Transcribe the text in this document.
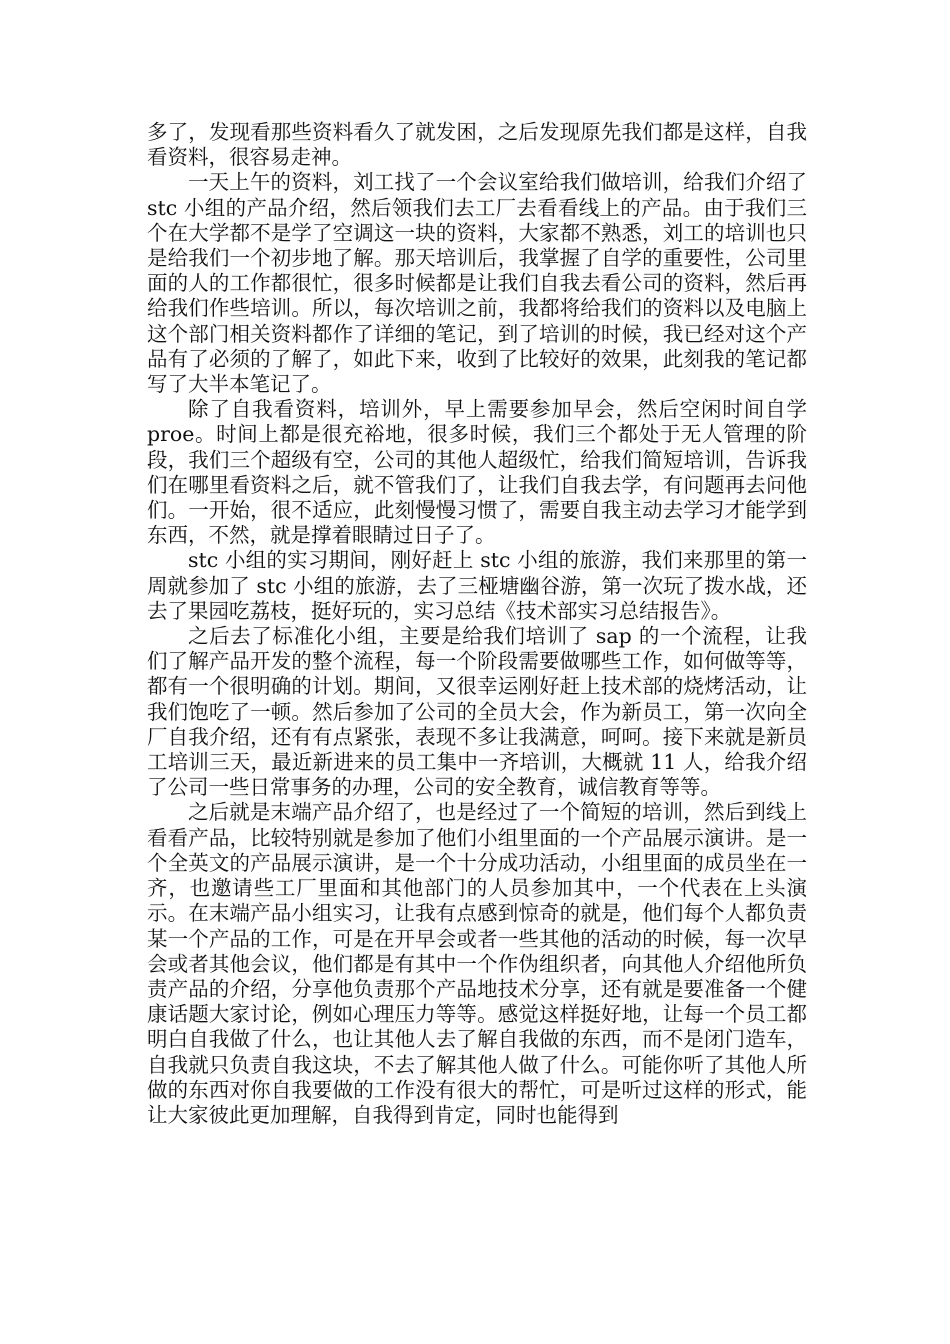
多了，发现看那些资料看久了就发困，之后发现原先我们都是这样，自我看资料，很容易走神。

一天上午的资料，刘工找了一个会议室给我们做培训，给我们介绍了 stc 小组的产品介绍，然后领我们去工厂去看看线上的产品。由于我们三个在大学都不是学了空调这一块的资料，大家都不熟悉，刘工的培训也只是给我们一个初步地了解。那天培训后，我掌握了自学的重要性，公司里面的人的工作都很忙，很多时候都是让我们自我去看公司的资料，然后再给我们作些培训。所以，每次培训之前，我都将给我们的资料以及电脑上这个部门相关资料都作了详细的笔记，到了培训的时候，我已经对这个产品有了必须的了解了，如此下来，收到了比较好的效果，此刻我的笔记都写了大半本笔记了。

除了自我看资料，培训外，早上需要参加早会，然后空闲时间自学 proe。时间上都是很充裕地，很多时候，我们三个都处于无人管理的阶段，我们三个超级有空，公司的其他人超级忙，给我们简短培训，告诉我们在哪里看资料之后，就不管我们了，让我们自我去学，有问题再去问他们。一开始，很不适应，此刻慢慢习惯了，需要自我主动去学习才能学到东西，不然，就是撑着眼睛过日子了。

stc 小组的实习期间，刚好赶上 stc 小组的旅游，我们来那里的第一周就参加了 stc 小组的旅游，去了三桠塘幽谷游，第一次玩了拨水战，还去了果园吃荔枝，挺好玩的，实习总结《技术部实习总结报告》。

之后去了标准化小组，主要是给我们培训了 sap 的一个流程，让我们了解产品开发的整个流程，每一个阶段需要做哪些工作，如何做等等，都有一个很明确的计划。期间，又很幸运刚好赶上技术部的烧烤活动，让我们饱吃了一顿。然后参加了公司的全员大会，作为新员工，第一次向全厂自我介绍，还有有点紧张，表现不多让我满意，呵呵。接下来就是新员工培训三天，最近新进来的员工集中一齐培训，大概就 11 人，给我介绍了公司一些日常事务的办理，公司的安全教育，诚信教育等等。

之后就是末端产品介绍了，也是经过了一个简短的培训，然后到线上看看产品，比较特别就是参加了他们小组里面的一个产品展示演讲。是一个全英文的产品展示演讲，是一个十分成功活动，小组里面的成员坐在一齐，也邀请些工厂里面和其他部门的人员参加其中，一个代表在上头演示。在末端产品小组实习，让我有点感到惊奇的就是，他们每个人都负责某一个产品的工作，可是在开早会或者一些其他的活动的时候，每一次早会或者其他会议，他们都是有其中一个作伪组织者，向其他人介绍他所负责产品的介绍，分享他负责那个产品地技术分享，还有就是要准备一个健康话题大家讨论，例如心理压力等等。感觉这样挺好地，让每一个员工都明白自我做了什么，也让其他人去了解自我做的东西，而不是闭门造车，自我就只负责自我这块，不去了解其他人做了什么。可能你听了其他人所做的东西对你自我要做的工作没有很大的帮忙，可是听过这样的形式，能让大家彼此更加理解，自我得到肯定，同时也能得到
